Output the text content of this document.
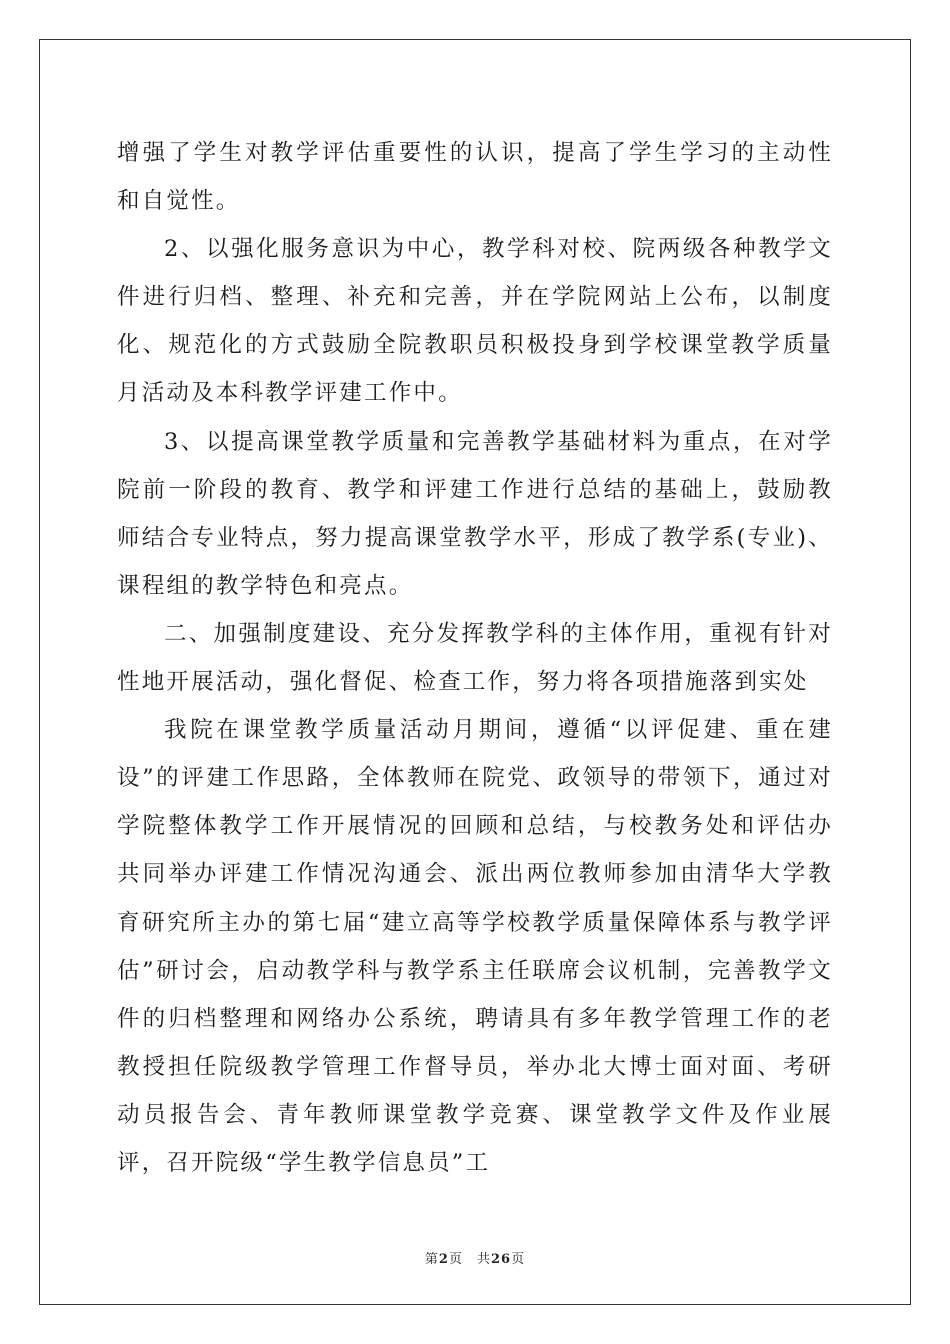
增强了学生对教学评估重要性的认识，提高了学生学习的主动性和自觉性。

2、以强化服务意识为中心，教学科对校、院两级各种教学文件进行归档、整理、补充和完善，并在学院网站上公布，以制度化、规范化的方式鼓励全院教职员积极投身到学校课堂教学质量月活动及本科教学评建工作中。

3、以提高课堂教学质量和完善教学基础材料为重点，在对学院前一阶段的教育、教学和评建工作进行总结的基础上，鼓励教师结合专业特点，努力提高课堂教学水平，形成了教学系(专业)、课程组的教学特色和亮点。

二、加强制度建设、充分发挥教学科的主体作用，重视有针对性地开展活动，强化督促、检查工作，努力将各项措施落到实处

我院在课堂教学质量活动月期间，遵循“以评促建、重在建设”的评建工作思路，全体教师在院党、政领导的带领下，通过对学院整体教学工作开展情况的回顾和总结，与校教务处和评估办共同举办评建工作情况沟通会、派出两位教师参加由清华大学教育研究所主办的第七届“建立高等学校教学质量保障体系与教学评估”研讨会，启动教学科与教学系主任联席会议机制，完善教学文件的归档整理和网络办公系统，聘请具有多年教学管理工作的老教授担任院级教学管理工作督导员，举办北大博士面对面、考研动员报告会、青年教师课堂教学竞赛、课堂教学文件及作业展评，召开院级“学生教学信息员”工

第2页 共26页
